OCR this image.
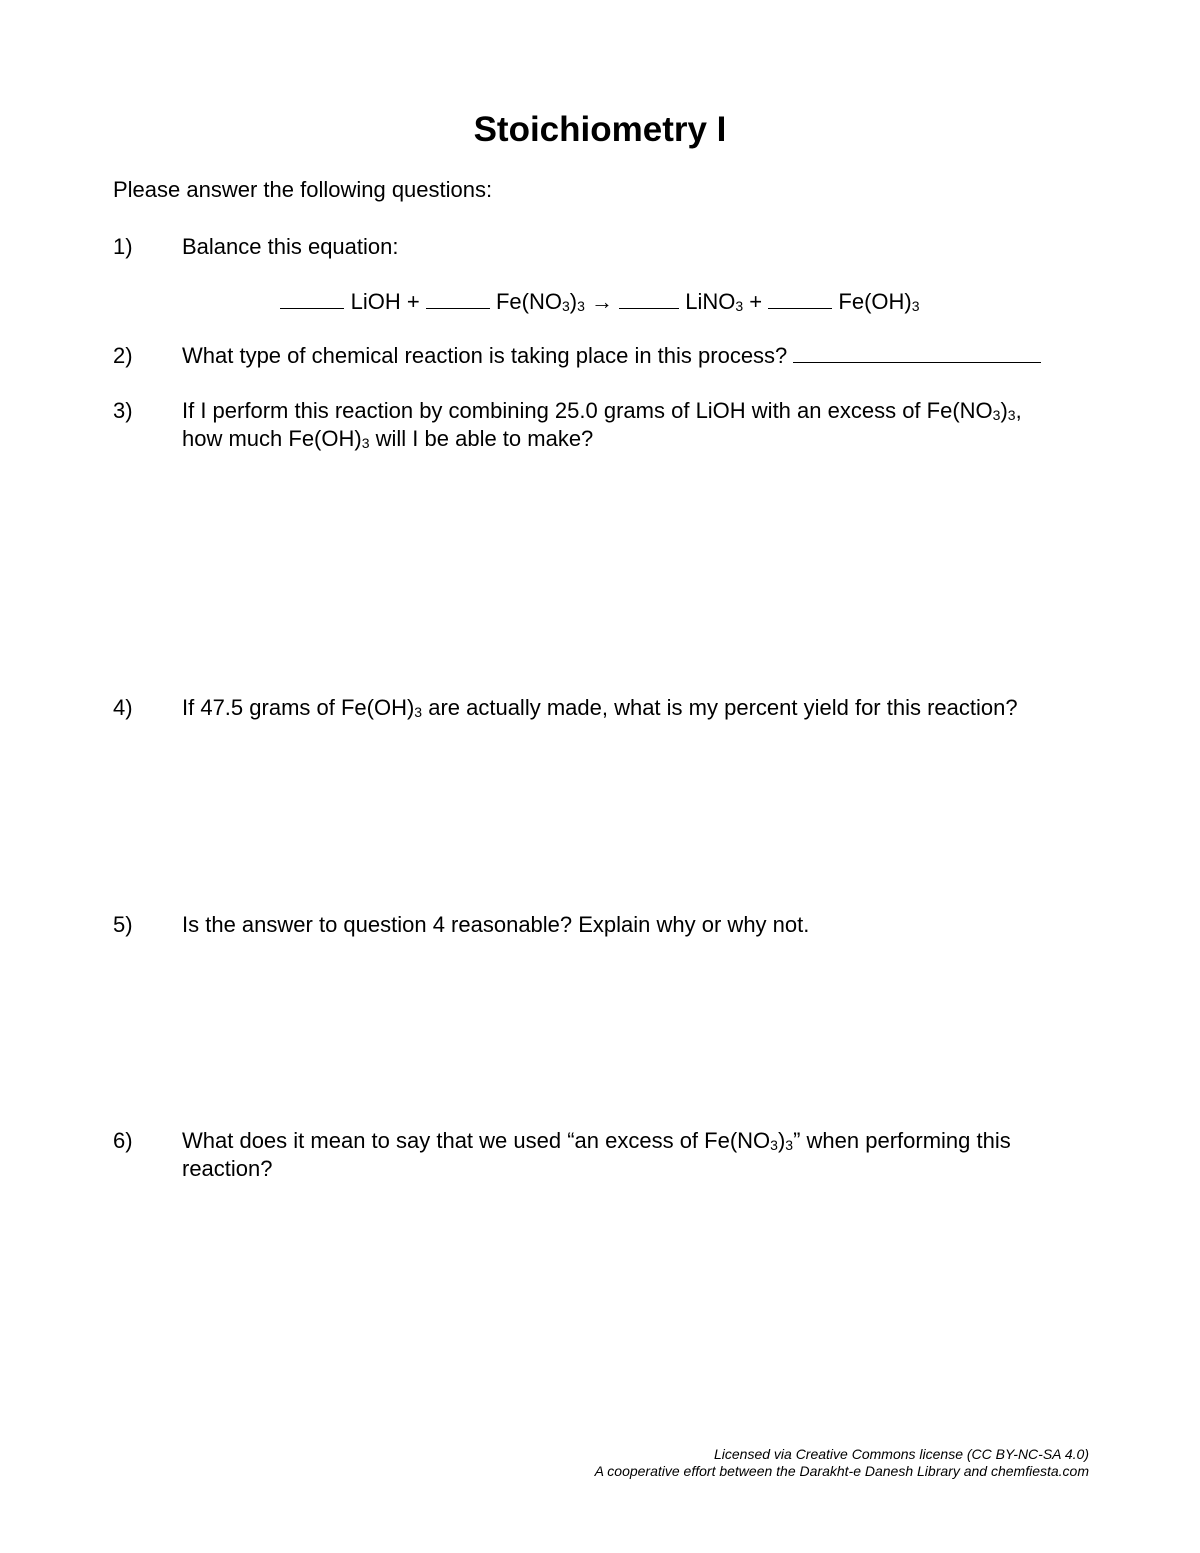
Stoichiometry I

Please answer the following questions:

1) Balance this equation:
LiOH +	$Fe(NO_3)_3$ →	LiNO$_3$ +	$Fe(OH)_3$
2) What type of chemical reaction is taking place in this process?
3) If I perform this reaction by combining 25.0 grams of LiOH with an excess of $Fe(NO_3)_3$,
how much $Fe(OH)_3$ will I be able to make?
4) If 47.5 grams of $Fe(OH)_3$ are actually made, what is my percent yield for this reaction?
5) Is the answer to question 4 reasonable? Explain why or why not.
6) What does it mean to say that we used “an excess of $Fe(NO_3)_3$” when performing this
reaction?
Licensed via Creative Commons license (CC BY-NC-SA 4.0)
A cooperative effort between the Darakht-e Danesh Library and chemfiesta.com
